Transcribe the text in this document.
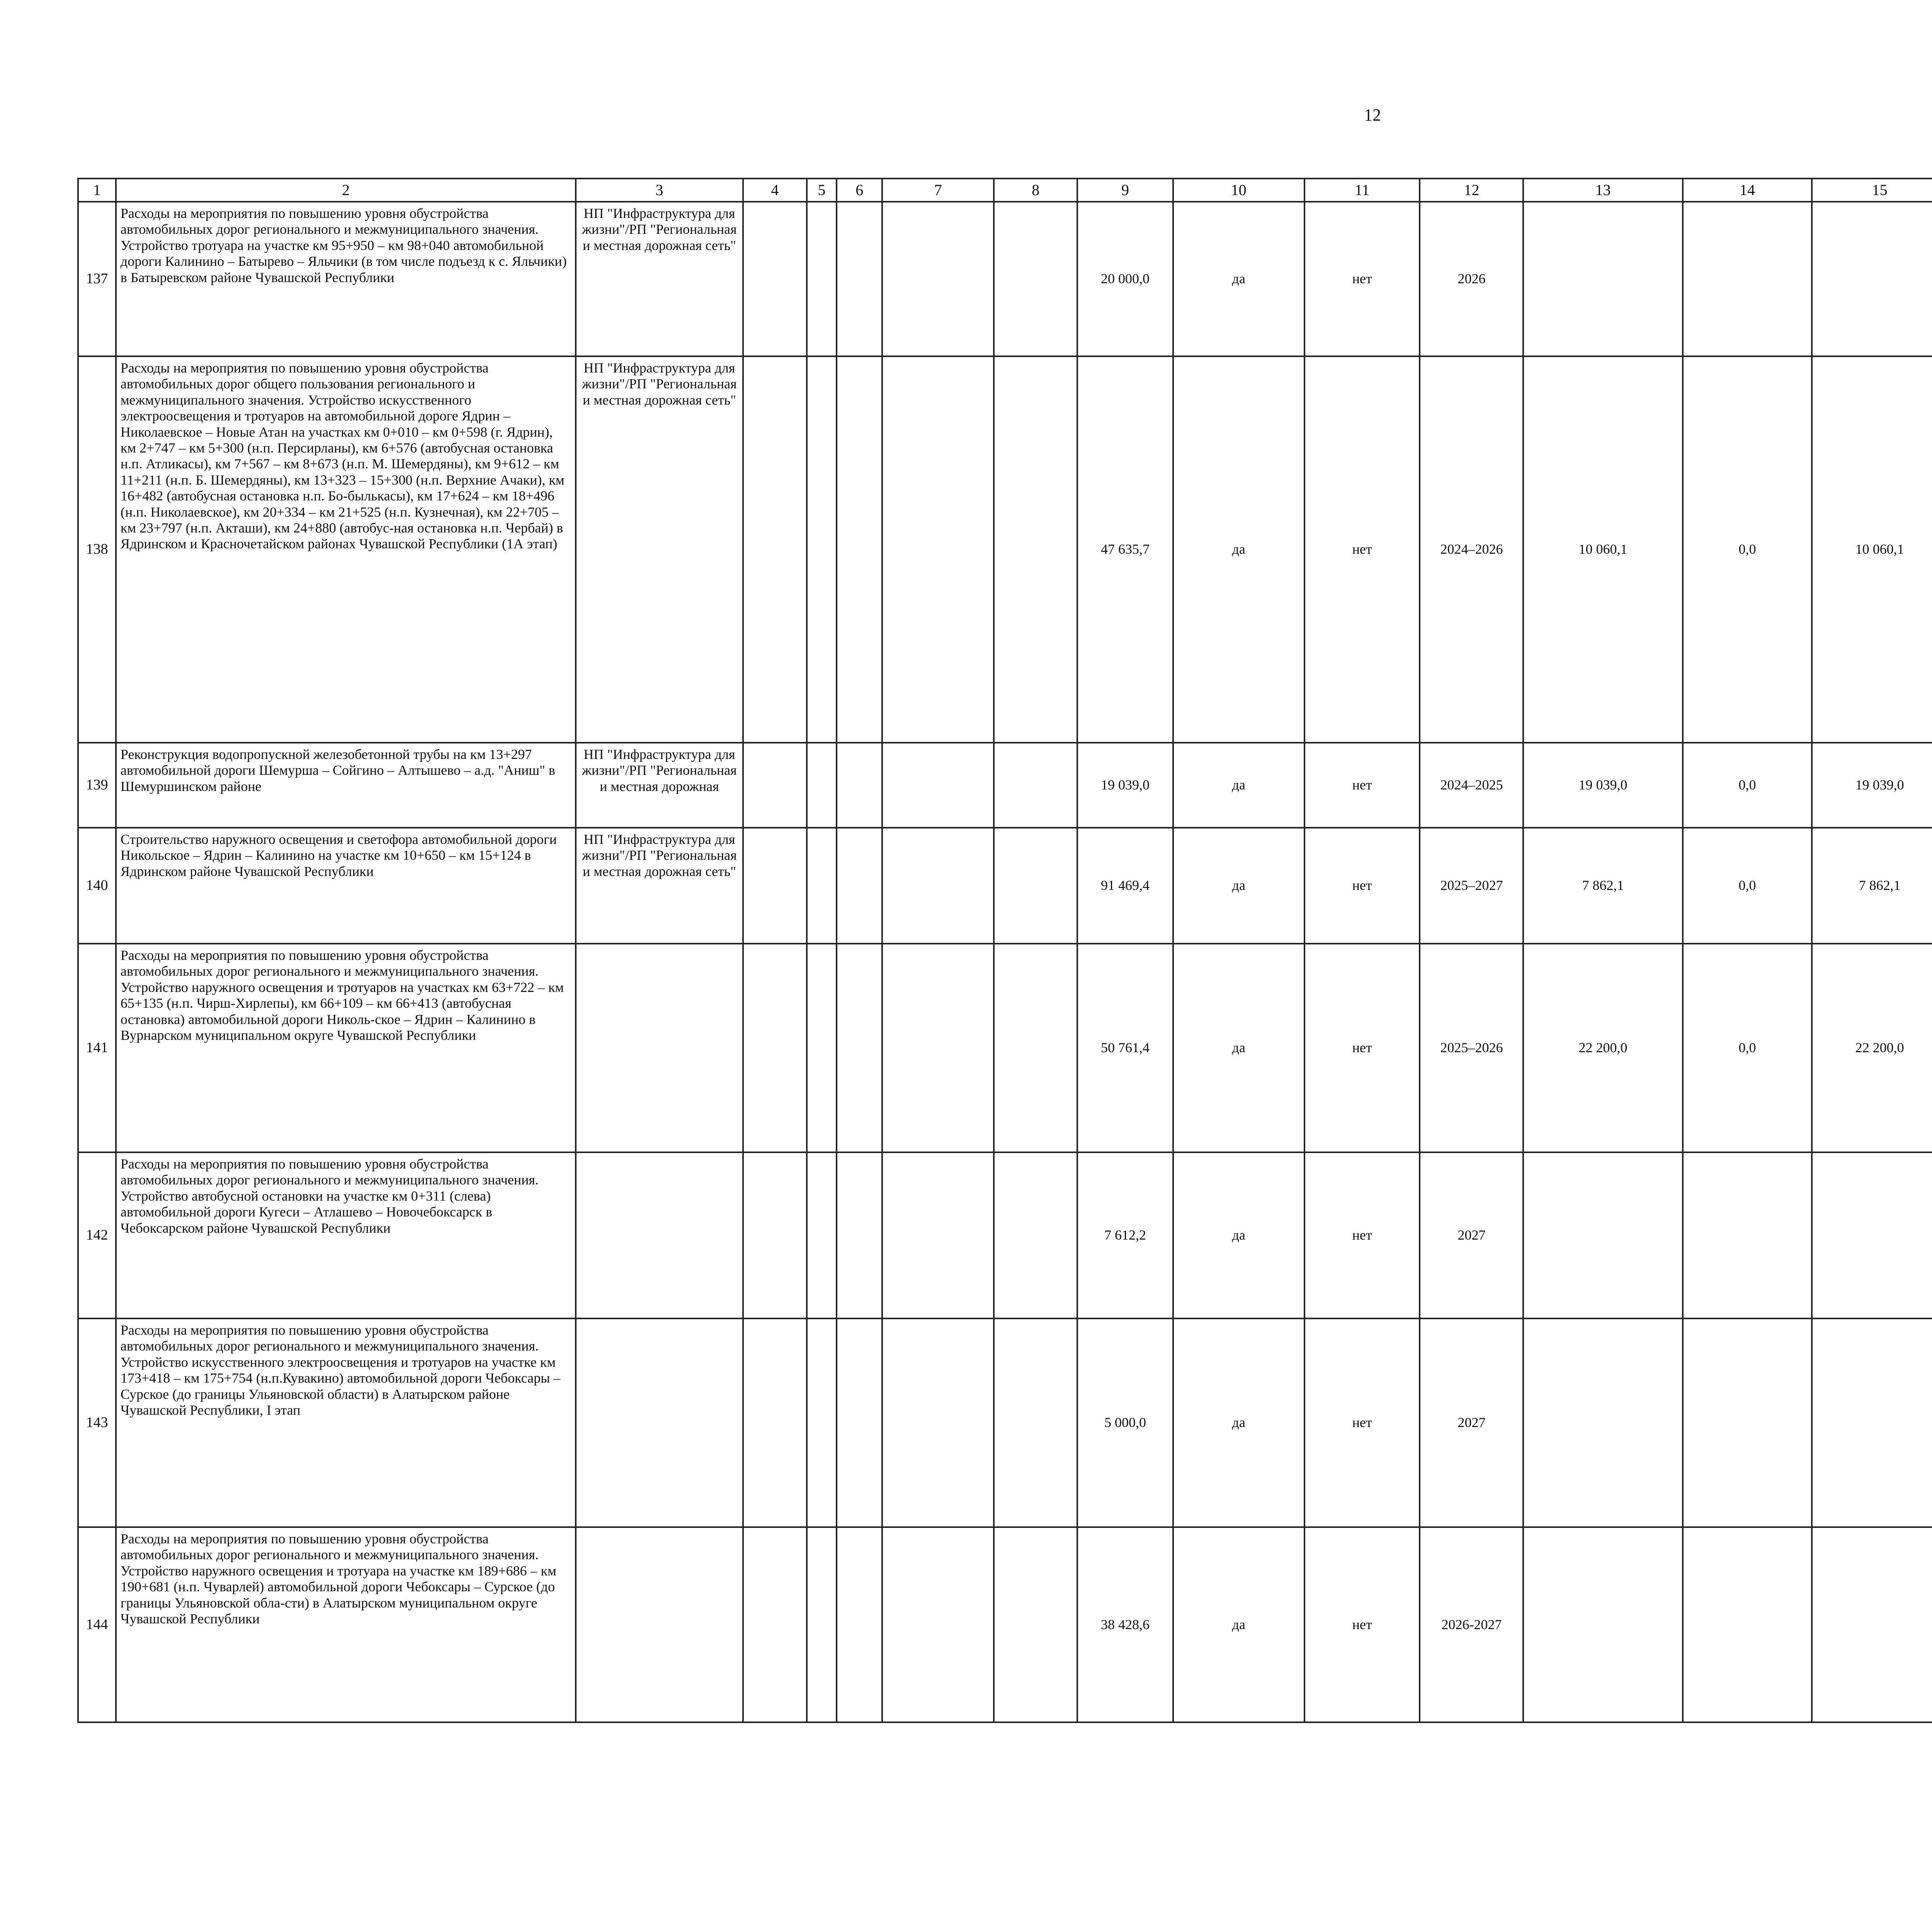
12
1	2	3	4	5	6	7	8	9	10	11	12	13	14	15						
137	Расходы на мероприятия по повышению уровня обустройства автомобильных дорог регионального и межмуниципального значения. Устройство тротуара на участке км 95+950 – км 98+040 автомобильной дороги Калинино – Батырево – Яльчики (в том числе подъезд к с. Яльчики) в Батыревском районе Чувашской Республики	НП "Инфраструктура для жизни"/РП "Региональная и местная дорожная сеть"						20 000,0	да	нет	2026									
138	Расходы на мероприятия по повышению уровня обустройства автомобильных дорог общего пользования регионального и межмуниципального значения. Устройство искусственного электроосвещения и тротуаров на автомобильной дороге Ядрин – Николаевское – Новые Атан на участках км 0+010 – км 0+598 (г. Ядрин), км 2+747 – км 5+300 (н.п. Персирланы), км 6+576 (автобусная остановка н.п. Атликасы), км 7+567 – км 8+673 (н.п. М. Шемердяны), км 9+612 – км 11+211 (н.п. Б. Шемердяны), км 13+323 – 15+300 (н.п. Верхние Ачаки), км 16+482 (автобусная остановка н.п. Бо-былькасы), км 17+624 – км 18+496 (н.п. Николаевское), км 20+334 – км 21+525 (н.п. Кузнечная), км 22+705 – км 23+797 (н.п. Акташи), км 24+880 (автобус-ная остановка н.п. Чербай) в Ядринском и Красночетайском районах Чувашской Республики (1А этап)	НП "Инфраструктура для жизни"/РП "Региональная и местная дорожная сеть"						47 635,7	да	нет	2024–2026	10 060,1	0,0	10 060,1						
139	Реконструкция водопропускной железобетонной трубы на км 13+297 автомобильной дороги Шемурша – Сойгино – Алтышево – а.д. "Аниш" в Шемуршинском районе	НП "Инфраструктура для жизни"/РП "Региональная и местная дорожная						19 039,0	да	нет	2024–2025	19 039,0	0,0	19 039,0						
140	Строительство наружного освещения и светофора автомобильной дороги Никольское – Ядрин – Калинино на участке км 10+650 – км 15+124 в Ядринском районе Чувашской Республики	НП "Инфраструктура для жизни"/РП "Региональная и местная дорожная сеть"						91 469,4	да	нет	2025–2027	7 862,1	0,0	7 862,1						
141	Расходы на мероприятия по повышению уровня обустройства автомобильных дорог регионального и межмуниципального значения. Устройство наружного освещения и тротуаров на участках км 63+722 – км 65+135 (н.п. Чирш-Хирлепы), км 66+109 – км 66+413 (автобусная остановка) автомобильной дороги Николь-ское – Ядрин – Калинино в Вурнарском муниципальном округе Чувашской Республики							50 761,4	да	нет	2025–2026	22 200,0	0,0	22 200,0						
142	Расходы на мероприятия по повышению уровня обустройства автомобильных дорог регионального и межмуниципального значения. Устройство автобусной остановки на участке км 0+311 (слева) автомобильной дороги Кугеси – Атлашево – Новочебоксарск в Чебоксарском районе Чувашской Республики							7 612,2	да	нет	2027									
143	Расходы на мероприятия по повышению уровня обустройства автомобильных дорог регионального и межмуниципального значения. Устройство искусственного электроосвещения и тротуаров на участке км 173+418 – км 175+754 (н.п.Кувакино) автомобильной дороги Чебоксары – Сурское (до границы Ульяновской области) в Алатырском районе Чувашской Республики, I этап							5 000,0	да	нет	2027									
144	Расходы на мероприятия по повышению уровня обустройства автомобильных дорог регионального и межмуниципального значения. Устройство наружного освещения и тротуара на участке км 189+686 – км 190+681 (н.п. Чуварлей) автомобильной дороги Чебоксары – Сурское (до границы Ульяновской обла-сти) в Алатырском муниципальном округе Чувашской Республики							38 428,6	да	нет	2026-2027									
